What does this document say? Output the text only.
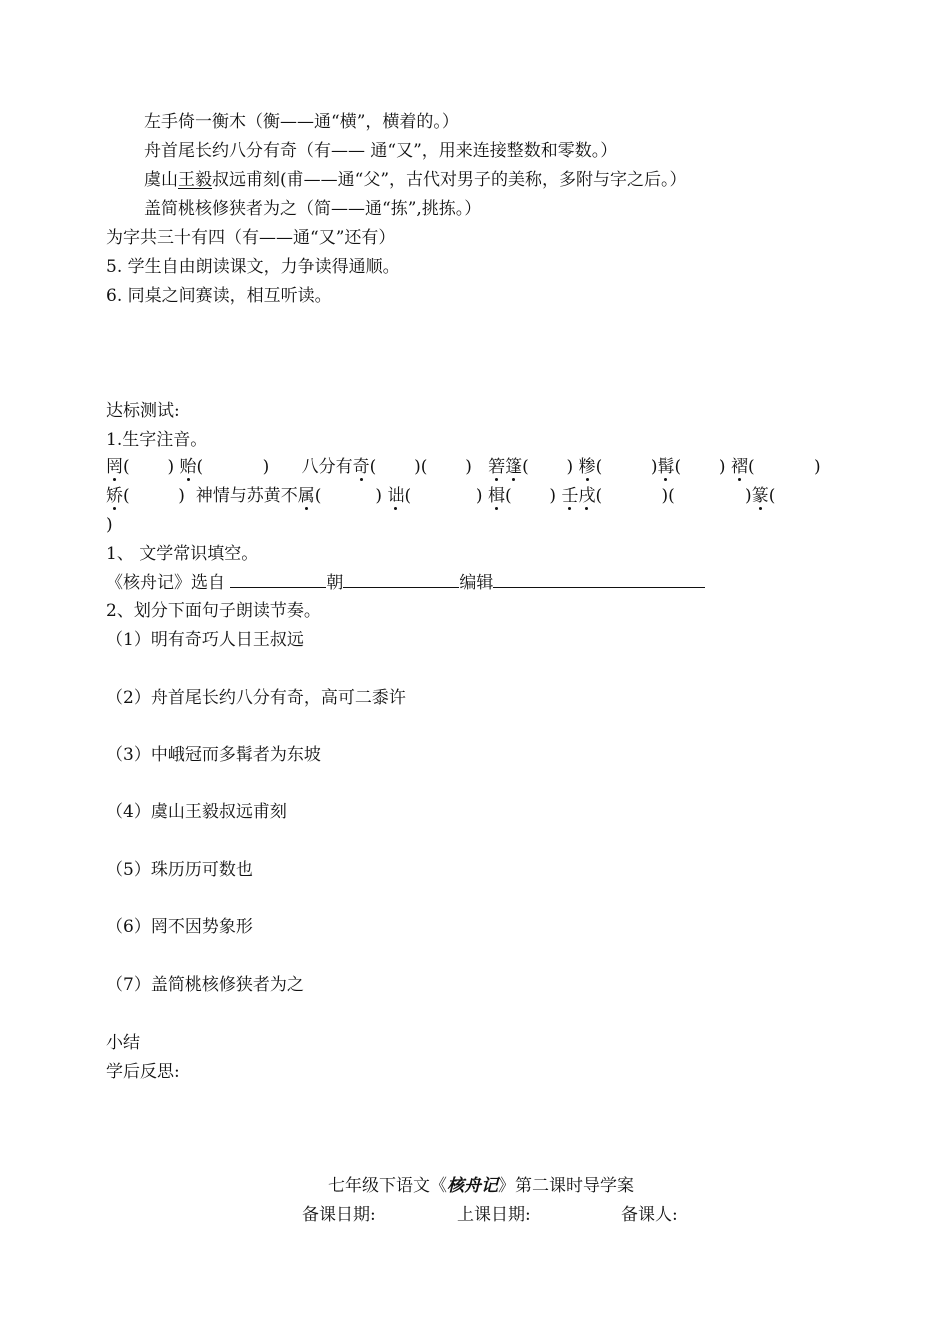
左手倚一衡木（衡——通“横”，横着的。）
舟首尾长约八分有奇（有—— 通“又”，用来连接整数和零数。）
虞山王毅叔远甫刻(甫——通“父”，古代对男子的美称，多附与字之后。）
盖简桃核修狭者为之（简——通“拣”,挑拣。）
为字共三十有四（有——通“又”还有）
5. 学生自由朗读课文，力争读得通顺。
6. 同桌之间赛读，相互听读。
达标测试:
1.生字注音。
罔(       ) 贻(           ) 八分有奇(       )(       ) 箬篷(       ) 糁(         )髯(       ) 褶(           )
矫(         ) 神情与苏黄不属(          ) 诎(            ) 楫(       ) 壬戌(           )(             )篆(
)
1、 文学常识填空。
《核舟记》选自	朝	编辑
2、划分下面句子朗读节奏。
（1）明有奇巧人日王叔远
（2）舟首尾长约八分有奇，高可二黍许
（3）中峨冠而多髯者为东坡
（4）虞山王毅叔远甫刻
（5）珠历历可数也
（6）罔不因势象形
（7）盖简桃核修狭者为之
小结
学后反思:
七年级下语文《核舟记》第二课时导学案
备课日期:	上课日期:	备课人:
